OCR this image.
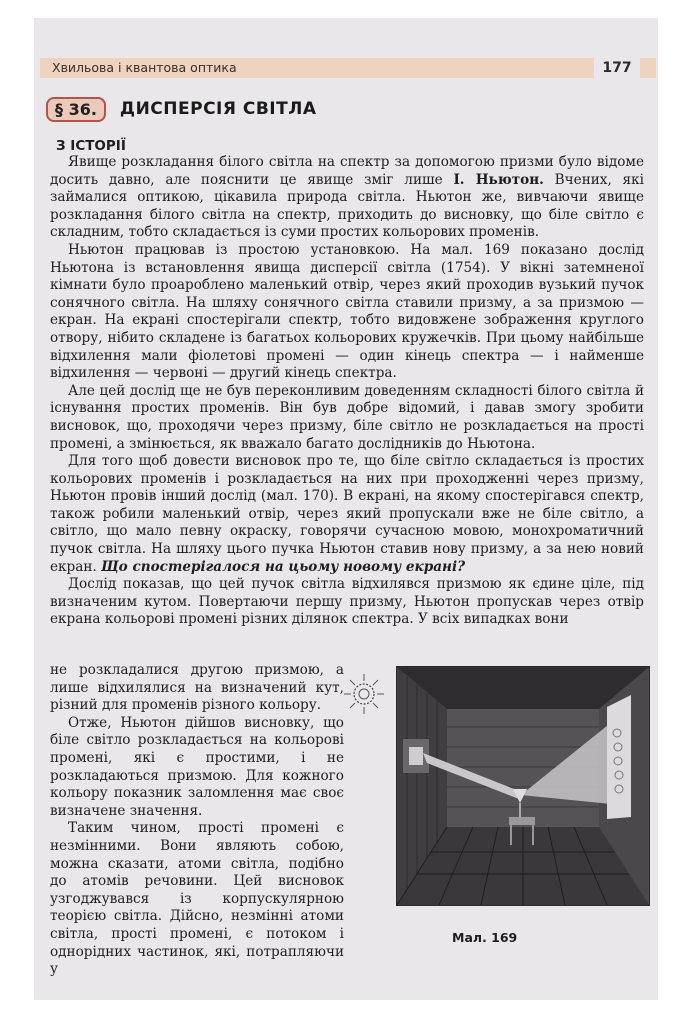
Хвильова і квантова оптика	177
§ 36.	ДИСПЕРСІЯ СВІТЛА
З ІСТОРІЇ

Явище розкладання білого світла на спектр за допомогою призми було відоме досить давно, але пояснити це явище зміг лише І. Ньютон. Вчених, які займалися оптикою, цікавила природа світла. Ньютон же, вивчаючи явище розкладання білого світла на спектр, приходить до висновку, що біле світло є складним, тобто складається із суми простих кольорових променів.

Ньютон працював із простою установкою. На мал. 169 показано дослід Ньютона із встановлення явища дисперсії світла (1754). У вікні затемненої кімнати було проароблено маленький отвір, через який проходив вузький пучок сонячного світла. На шляху сонячного світла ставили призму, а за призмою — екран. На екрані спостерігали спектр, тобто видовжене зображення круглого отвору, нібито складене із багатьох кольорових кружечків. При цьому найбільше відхилення мали фіолетові промені — один кінець спектра — і найменше відхилення — червоні — другий кінець спектра.

Але цей дослід ще не був переконливим доведенням складності білого світла й існування простих променів. Він був добре відомий, і давав змогу зробити висновок, що, проходячи через призму, біле світло не розкладається на прості промені, а змінюється, як вважало багато дослідників до Ньютона.

Для того щоб довести висновок про те, що біле світло складається із простих кольорових променів і розкладається на них при проходженні через призму, Ньютон провів інший дослід (мал. 170). В екрані, на якому спостерігався спектр, також робили маленький отвір, через який пропускали вже не біле світло, а світло, що мало певну окраску, говорячи сучасною мовою, монохроматичний пучок світла. На шляху цього пучка Ньютон ставив нову призму, а за нею новий екран. Що спостерігалося на цьому новому екрані?

Дослід показав, що цей пучок світла відхилявся призмою як єдине ціле, під визначеним кутом. Повертаючи першу призму, Ньютон пропускав через отвір екрана кольорові промені різних ділянок спектра. У всіх випадках вони

не розкладалися другою призмою, а лише відхилялися на визначений кут, різний для променів різного кольору.

Отже, Ньютон дійшов висновку, що біле світло розкладається на кольорові промені, які є простими, і не розкладаються призмою. Для кожного кольору показник заломлення має своє визначене значення.

Таким чином, прості промені є незмінними. Вони являють собою, можна сказати, атоми світла, подібно до атомів речовини. Цей висновок узгоджувався із корпускулярною теорією світла. Дійсно, незмінні атоми світла, прості промені, є потоком і однорідних частинок, які, потрапляючи у

Мал. 169
